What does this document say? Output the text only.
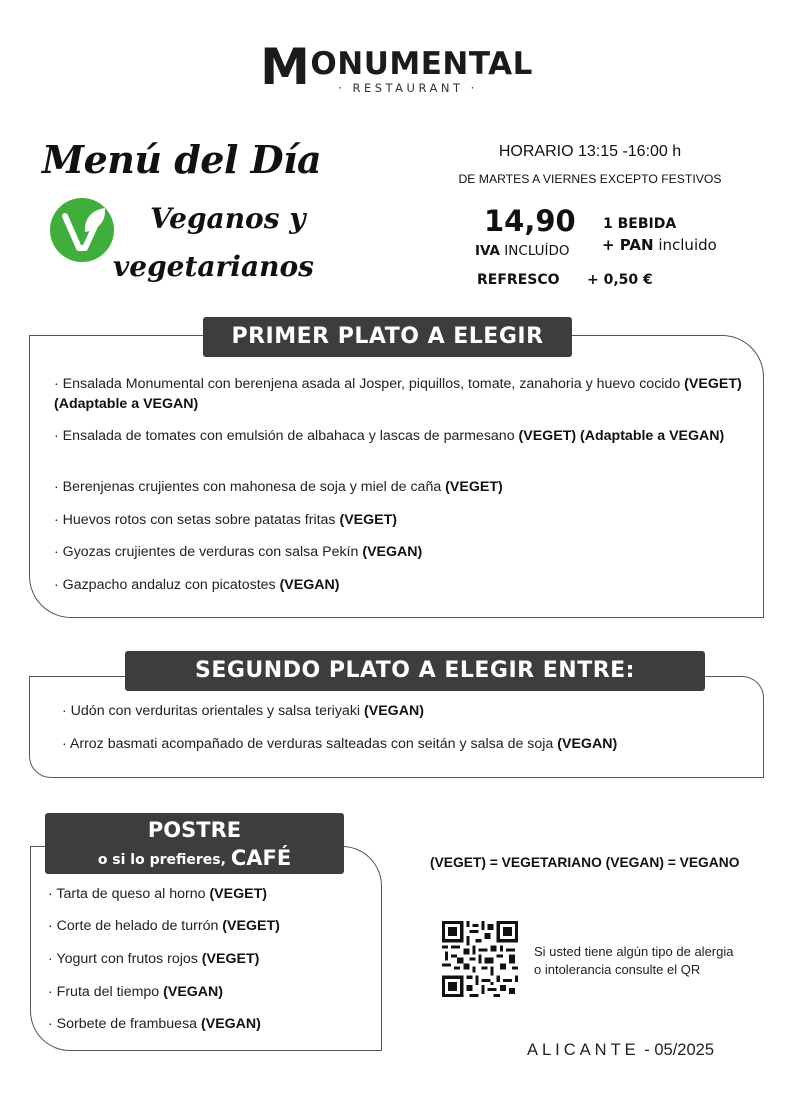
MONUMENTAL
· RESTAURANT ·
Menú del Día
Veganos y
vegetarianos
HORARIO 13:15 -16:00 h
DE MARTES A VIERNES EXCEPTO FESTIVOS
14,90
IVA INCLUÍDO
1 BEBIDA
+ PAN incluido
REFRESCO + 0,50 €
PRIMER PLATO A ELEGIR
· Ensalada Monumental con berenjena asada al Josper, piquillos, tomate, zanahoria y huevo cocido (VEGET) (Adaptable a VEGAN)
· Ensalada de tomates con emulsión de albahaca y lascas de parmesano (VEGET) (Adaptable a VEGAN)
· Berenjenas crujientes con mahonesa de soja y miel de caña (VEGET)
· Huevos rotos con setas sobre patatas fritas (VEGET)
· Gyozas crujientes de verduras con salsa Pekín (VEGAN)
· Gazpacho andaluz con picatostes (VEGAN)
SEGUNDO PLATO A ELEGIR ENTRE:
· Udón con verduritas orientales y salsa teriyaki (VEGAN)
· Arroz basmati acompañado de verduras salteadas con seitán y salsa de soja (VEGAN)
POSTRE
o si lo prefieres, CAFÉ
· Tarta de queso al horno (VEGET)
· Corte de helado de turrón (VEGET)
· Yogurt con frutos rojos (VEGET)
· Fruta del tiempo (VEGAN)
· Sorbete de frambuesa (VEGAN)
(VEGET) = VEGETARIANO (VEGAN) = VEGANO
Si usted tiene algún tipo de alergia
o intolerancia consulte el QR
ALICANTE - 05/2025
